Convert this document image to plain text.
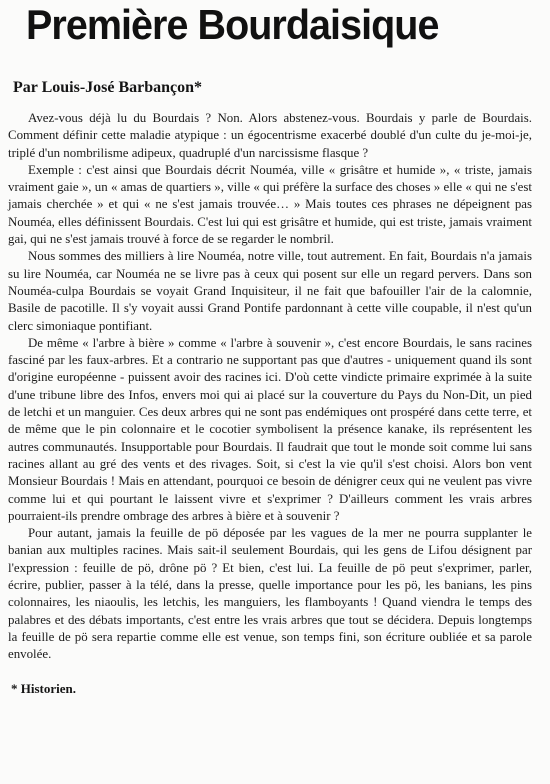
Première Bourdaisique
Par Louis-José Barbançon*

Avez-vous déjà lu du Bourdais ? Non. Alors abstenez-vous. Bourdais y parle de Bourdais. Comment définir cette maladie atypique : un égocentrisme exacerbé doublé d'un culte du je-moi-je, triplé d'un nombrilisme adipeux, quadruplé d'un narcissisme flasque ?

Exemple : c'est ainsi que Bourdais décrit Nouméa, ville « grisâtre et humide », « triste, jamais vraiment gaie », un « amas de quartiers », ville « qui préfère la surface des choses » elle « qui ne s'est jamais cherchée » et qui « ne s'est jamais trouvée… » Mais toutes ces phrases ne dépeignent pas Nouméa, elles définissent Bourdais. C'est lui qui est grisâtre et humide, qui est triste, jamais vraiment gai, qui ne s'est jamais trouvé à force de se regarder le nombril.

Nous sommes des milliers à lire Nouméa, notre ville, tout autrement. En fait, Bourdais n'a jamais su lire Nouméa, car Nouméa ne se livre pas à ceux qui posent sur elle un regard pervers. Dans son Nouméa-culpa Bourdais se voyait Grand Inquisiteur, il ne fait que bafouiller l'air de la calomnie, Basile de pacotille. Il s'y voyait aussi Grand Pontife pardonnant à cette ville coupable, il n'est qu'un clerc simoniaque pontifiant.

De même « l'arbre à bière » comme « l'arbre à souvenir », c'est encore Bourdais, le sans racines fasciné par les faux-arbres. Et a contrario ne supportant pas que d'autres - uniquement quand ils sont d'origine européenne - puissent avoir des racines ici. D'où cette vindicte primaire exprimée à la suite d'une tribune libre des Infos, envers moi qui ai placé sur la couverture du Pays du Non-Dit, un pied de letchi et un manguier. Ces deux arbres qui ne sont pas endémiques ont prospéré dans cette terre, et de même que le pin colonnaire et le cocotier symbolisent la présence kanake, ils représentent les autres communautés. Insupportable pour Bourdais. Il faudrait que tout le monde soit comme lui sans racines allant au gré des vents et des rivages. Soit, si c'est la vie qu'il s'est choisi. Alors bon vent Monsieur Bourdais ! Mais en attendant, pourquoi ce besoin de dénigrer ceux qui ne veulent pas vivre comme lui et qui pourtant le laissent vivre et s'exprimer ? D'ailleurs comment les vrais arbres pourraient-ils prendre ombrage des arbres à bière et à souvenir ?

Pour autant, jamais la feuille de pö déposée par les vagues de la mer ne pourra supplanter le banian aux multiples racines. Mais sait-il seulement Bourdais, qui les gens de Lifou désignent par l'expression : feuille de pö, drône pö ? Et bien, c'est lui. La feuille de pö peut s'exprimer, parler, écrire, publier, passer à la télé, dans la presse, quelle importance pour les pö, les banians, les pins colonnaires, les niaoulis, les letchis, les manguiers, les flamboyants ! Quand viendra le temps des palabres et des débats importants, c'est entre les vrais arbres que tout se décidera. Depuis longtemps la feuille de pö sera repartie comme elle est venue, son temps fini, son écriture oubliée et sa parole envolée.

* Historien.
